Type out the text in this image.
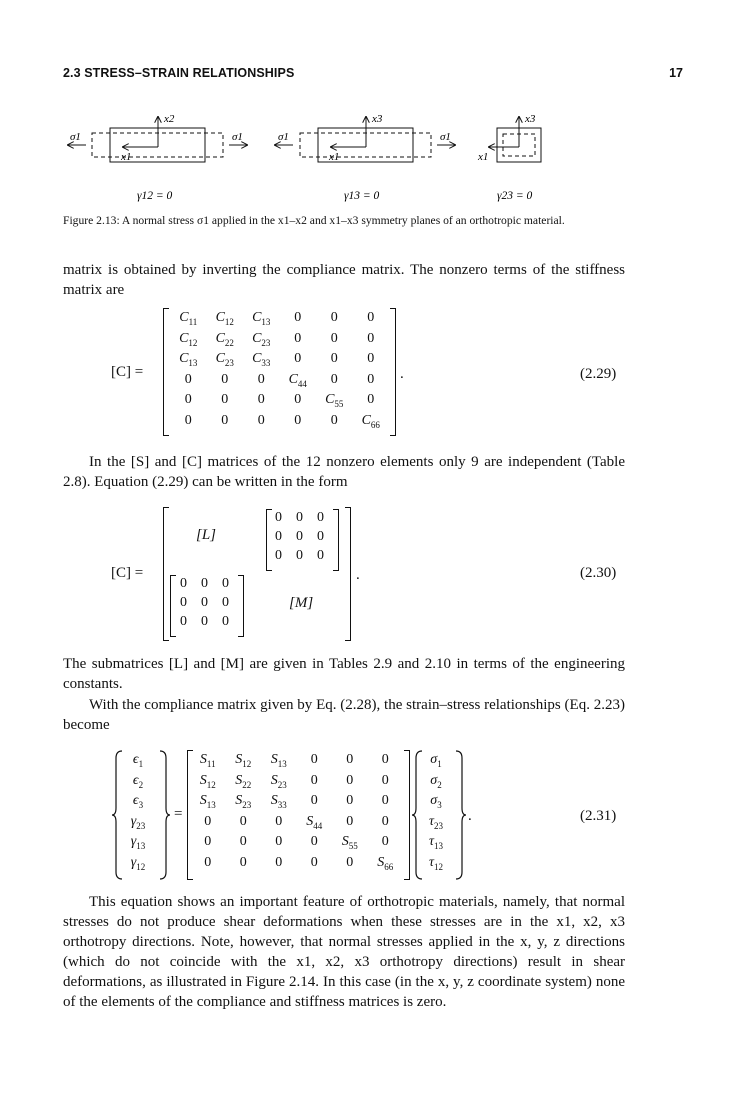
2.3 STRESS–STRAIN RELATIONSHIPS	17
x2
x1
σ1	σ1
γ12 = 0
x3
x1
σ1	σ1
γ13 = 0
x3
x1
γ23 = 0
Figure 2.13: A normal stress σ1 applied in the x1–x2 and x1–x3 symmetry planes of an orthotropic material.
matrix is obtained by inverting the compliance matrix. The nonzero terms of the stiffness matrix are
[C] =
$C_{11}$	$C_{12}$	$C_{13}$	0	0	0
$C_{12}$	$C_{22}$	$C_{23}$	0	0	0
$C_{13}$	$C_{23}$	$C_{33}$	0	0	0
0	0	0	$C_{44}$	0	0
0	0	0	0	$C_{55}$	0
0	0	0	0	0	$C_{66}$
.	(2.29)
In the [S] and [C] matrices of the 12 nonzero elements only 9 are independent (Table 2.8). Equation (2.29) can be written in the form
[C] =
[L]
[M]
0	0	0
0	0	0
0	0	0
0	0	0
0	0	0
0	0	0
.	(2.30)
The submatrices [L] and [M] are given in Tables 2.9 and 2.10 in terms of the engineering constants.
With the compliance matrix given by Eq. (2.28), the strain–stress relationships (Eq. 2.23) become
$\epsilon_1$
$\epsilon_2$
$\epsilon_3$
$\gamma_{23}$
$\gamma_{13}$
$\gamma_{12}$
=
$S_{11}$	$S_{12}$	$S_{13}$	0	0	0
$S_{12}$	$S_{22}$	$S_{23}$	0	0	0
$S_{13}$	$S_{23}$	$S_{33}$	0	0	0
0	0	0	$S_{44}$	0	0
0	0	0	0	$S_{55}$	0
0	0	0	0	0	$S_{66}$
$\sigma_1$
$\sigma_2$
$\sigma_3$
$\tau_{23}$
$\tau_{13}$
$\tau_{12}$
.	(2.31)
This equation shows an important feature of orthotropic materials, namely, that normal stresses do not produce shear deformations when these stresses are in the x1, x2, x3 orthotropy directions. Note, however, that normal stresses applied in the x, y, z directions (which do not coincide with the x1, x2, x3 orthotropy directions) result in shear deformations, as illustrated in Figure 2.14. In this case (in the x, y, z coordinate system) none of the elements of the compliance and stiffness matrices is zero.
